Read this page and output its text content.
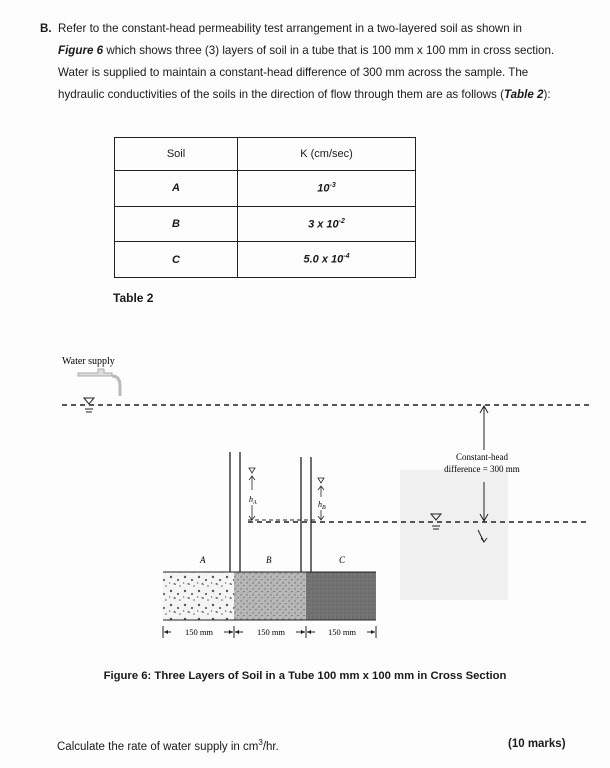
B. Refer to the constant-head permeability test arrangement in a two-layered soil as shown in
Figure 6 which shows three (3) layers of soil in a tube that is 100 mm x 100 mm in cross section.
Water is supplied to maintain a constant-head difference of 300 mm across the sample. The
hydraulic conductivities of the soils in the direction of flow through them are as follows (Table 2):
Soil	K (cm/sec)
A	$10^{-3}$
B	3 x $10^{-2}$
C	5.0 x $10^{-4}$
Table 2
Water supply
Constant-head
difference = 300 mm
$h_A$	$h_B$
A	B	C
150 mm	150 mm	150 mm
Figure 6: Three Layers of Soil in a Tube 100 mm x 100 mm in Cross Section
Calculate the rate of water supply in $cm^3/hr$.	(10 marks)
